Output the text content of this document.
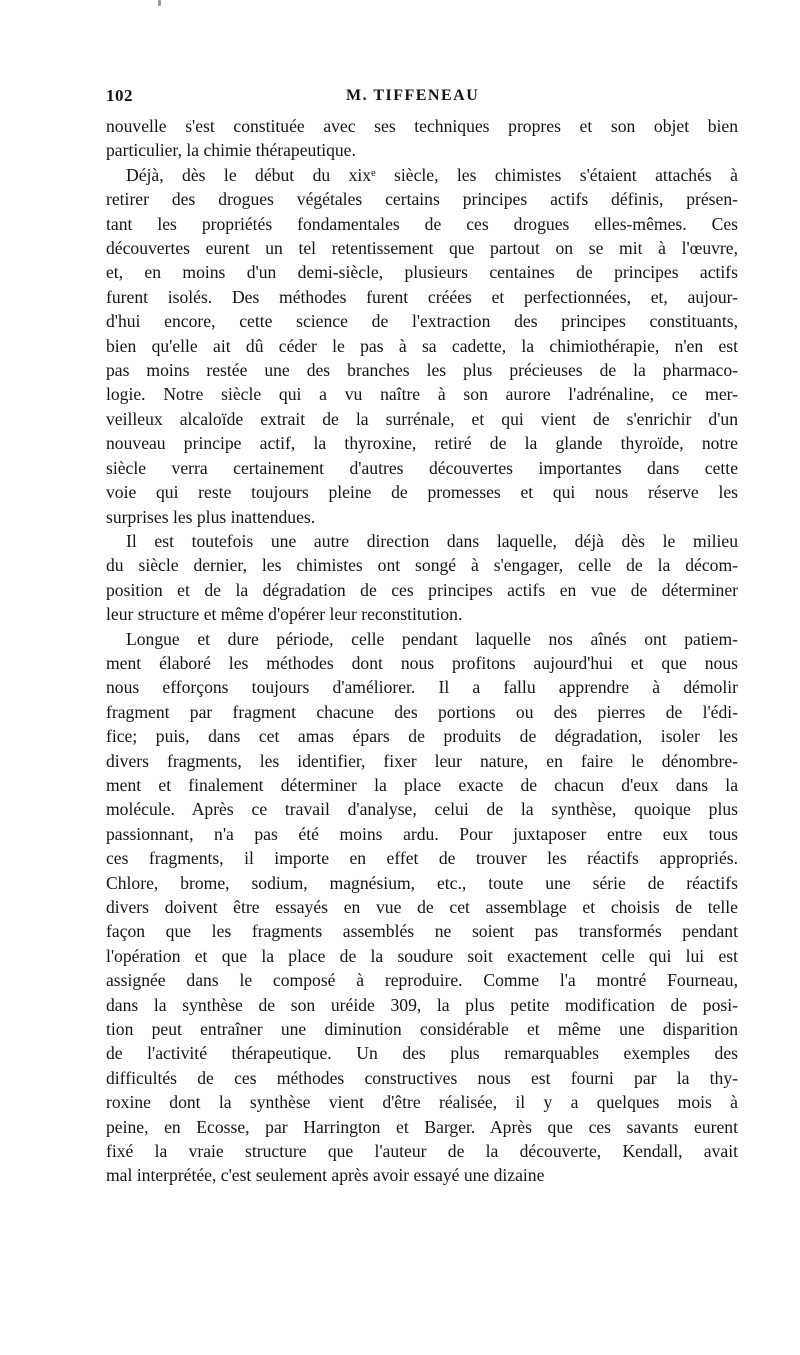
102	M. TIFFENEAU

nouvelle s'est constituée avec ses techniques propres et son objet bien
particulier, la chimie thérapeutique.

Déjà, dès le début du xixᵉ siècle, les chimistes s'étaient attachés à
retirer des drogues végétales certains principes actifs définis, présen-
tant les propriétés fondamentales de ces drogues elles-mêmes. Ces
découvertes eurent un tel retentissement que partout on se mit à l'œuvre,
et, en moins d'un demi-siècle, plusieurs centaines de principes actifs
furent isolés. Des méthodes furent créées et perfectionnées, et, aujour-
d'hui encore, cette science de l'extraction des principes constituants,
bien qu'elle ait dû céder le pas à sa cadette, la chimiothérapie, n'en est
pas moins restée une des branches les plus précieuses de la pharmaco-
logie. Notre siècle qui a vu naître à son aurore l'adrénaline, ce mer-
veilleux alcaloïde extrait de la surrénale, et qui vient de s'enrichir d'un
nouveau principe actif, la thyroxine, retiré de la glande thyroïde, notre
siècle verra certainement d'autres découvertes importantes dans cette
voie qui reste toujours pleine de promesses et qui nous réserve les
surprises les plus inattendues.

Il est toutefois une autre direction dans laquelle, déjà dès le milieu
du siècle dernier, les chimistes ont songé à s'engager, celle de la décom-
position et de la dégradation de ces principes actifs en vue de déterminer
leur structure et même d'opérer leur reconstitution.

Longue et dure période, celle pendant laquelle nos aînés ont patiem-
ment élaboré les méthodes dont nous profitons aujourd'hui et que nous
nous efforçons toujours d'améliorer. Il a fallu apprendre à démolir
fragment par fragment chacune des portions ou des pierres de l'édi-
fice; puis, dans cet amas épars de produits de dégradation, isoler les
divers fragments, les identifier, fixer leur nature, en faire le dénombre-
ment et finalement déterminer la place exacte de chacun d'eux dans la
molécule. Après ce travail d'analyse, celui de la synthèse, quoique plus
passionnant, n'a pas été moins ardu. Pour juxtaposer entre eux tous
ces fragments, il importe en effet de trouver les réactifs appropriés.
Chlore, brome, sodium, magnésium, etc., toute une série de réactifs
divers doivent être essayés en vue de cet assemblage et choisis de telle
façon que les fragments assemblés ne soient pas transformés pendant
l'opération et que la place de la soudure soit exactement celle qui lui est
assignée dans le composé à reproduire. Comme l'a montré Fourneau,
dans la synthèse de son uréide 309, la plus petite modification de posi-
tion peut entraîner une diminution considérable et même une disparition
de l'activité thérapeutique. Un des plus remarquables exemples des
difficultés de ces méthodes constructives nous est fourni par la thy-
roxine dont la synthèse vient d'être réalisée, il y a quelques mois à
peine, en Ecosse, par Harrington et Barger. Après que ces savants eurent
fixé la vraie structure que l'auteur de la découverte, Kendall, avait
mal interprétée, c'est seulement après avoir essayé une dizaine
